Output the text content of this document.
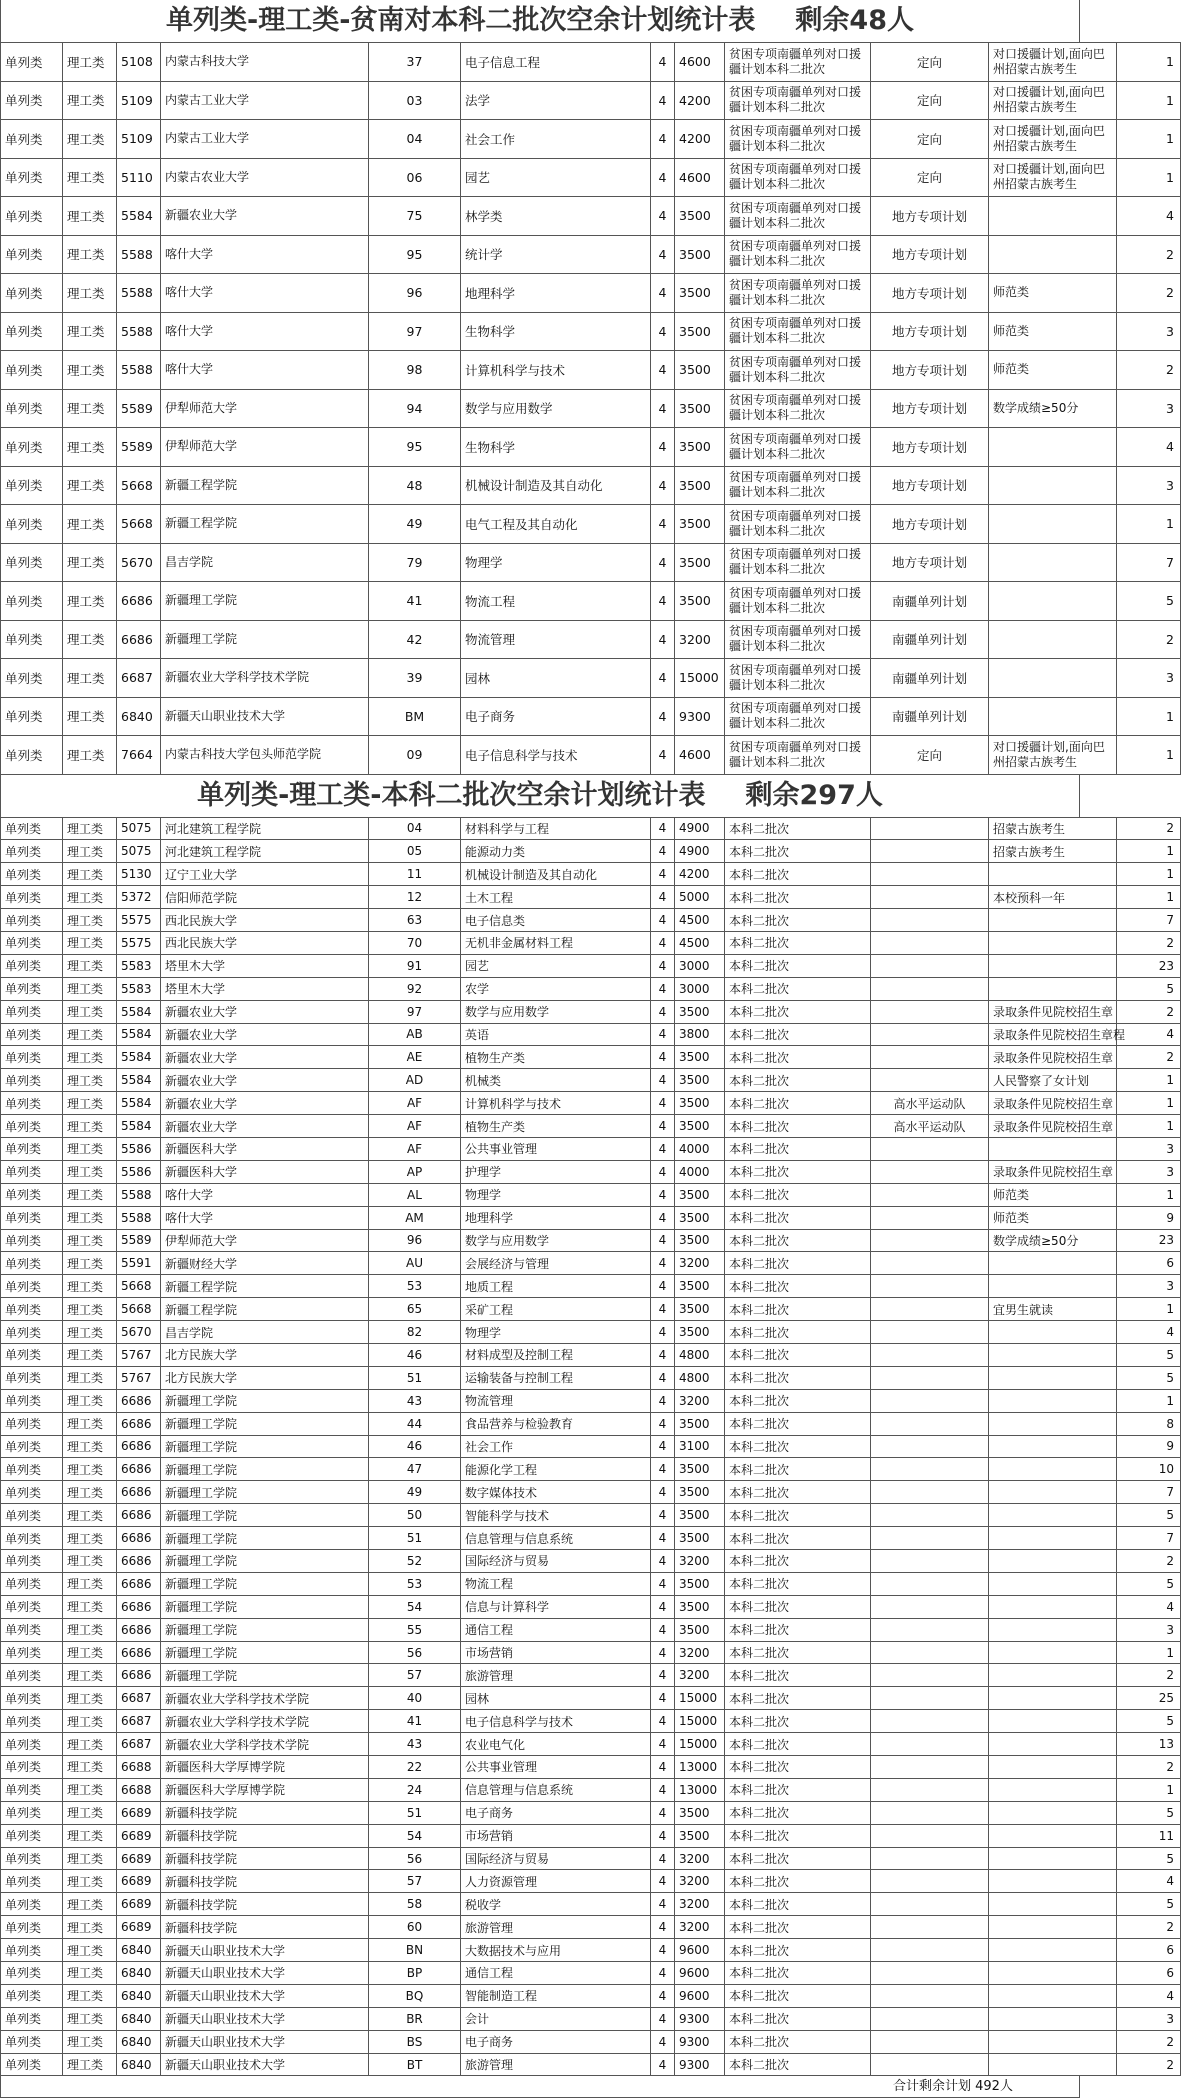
单列类-理工类-贫南对本科二批次空余计划统计表 剩余48人
单列类	理工类	5108	内蒙古科技大学	37	电子信息工程	4	4600	贫困专项南疆单列对口援疆计划本科二批次	定向	对口援疆计划,面向巴州招蒙古族考生	1
单列类	理工类	5109	内蒙古工业大学	03	法学	4	4200	贫困专项南疆单列对口援疆计划本科二批次	定向	对口援疆计划,面向巴州招蒙古族考生	1
单列类	理工类	5109	内蒙古工业大学	04	社会工作	4	4200	贫困专项南疆单列对口援疆计划本科二批次	定向	对口援疆计划,面向巴州招蒙古族考生	1
单列类	理工类	5110	内蒙古农业大学	06	园艺	4	4600	贫困专项南疆单列对口援疆计划本科二批次	定向	对口援疆计划,面向巴州招蒙古族考生	1
单列类	理工类	5584	新疆农业大学	75	林学类	4	3500	贫困专项南疆单列对口援疆计划本科二批次	地方专项计划		4
单列类	理工类	5588	喀什大学	95	统计学	4	3500	贫困专项南疆单列对口援疆计划本科二批次	地方专项计划		2
单列类	理工类	5588	喀什大学	96	地理科学	4	3500	贫困专项南疆单列对口援疆计划本科二批次	地方专项计划	师范类	2
单列类	理工类	5588	喀什大学	97	生物科学	4	3500	贫困专项南疆单列对口援疆计划本科二批次	地方专项计划	师范类	3
单列类	理工类	5588	喀什大学	98	计算机科学与技术	4	3500	贫困专项南疆单列对口援疆计划本科二批次	地方专项计划	师范类	2
单列类	理工类	5589	伊犁师范大学	94	数学与应用数学	4	3500	贫困专项南疆单列对口援疆计划本科二批次	地方专项计划	数学成绩≥50分	3
单列类	理工类	5589	伊犁师范大学	95	生物科学	4	3500	贫困专项南疆单列对口援疆计划本科二批次	地方专项计划		4
单列类	理工类	5668	新疆工程学院	48	机械设计制造及其自动化	4	3500	贫困专项南疆单列对口援疆计划本科二批次	地方专项计划		3
单列类	理工类	5668	新疆工程学院	49	电气工程及其自动化	4	3500	贫困专项南疆单列对口援疆计划本科二批次	地方专项计划		1
单列类	理工类	5670	昌吉学院	79	物理学	4	3500	贫困专项南疆单列对口援疆计划本科二批次	地方专项计划		7
单列类	理工类	6686	新疆理工学院	41	物流工程	4	3500	贫困专项南疆单列对口援疆计划本科二批次	南疆单列计划		5
单列类	理工类	6686	新疆理工学院	42	物流管理	4	3200	贫困专项南疆单列对口援疆计划本科二批次	南疆单列计划		2
单列类	理工类	6687	新疆农业大学科学技术学院	39	园林	4	15000	贫困专项南疆单列对口援疆计划本科二批次	南疆单列计划		3
单列类	理工类	6840	新疆天山职业技术大学	BM	电子商务	4	9300	贫困专项南疆单列对口援疆计划本科二批次	南疆单列计划		1
单列类	理工类	7664	内蒙古科技大学包头师范学院	09	电子信息科学与技术	4	4600	贫困专项南疆单列对口援疆计划本科二批次	定向	对口援疆计划,面向巴州招蒙古族考生	1
单列类-理工类-本科二批次空余计划统计表 剩余297人
单列类	理工类	5075	河北建筑工程学院	04	材料科学与工程	4	4900	本科二批次		招蒙古族考生	2
单列类	理工类	5075	河北建筑工程学院	05	能源动力类	4	4900	本科二批次		招蒙古族考生	1
单列类	理工类	5130	辽宁工业大学	11	机械设计制造及其自动化	4	4200	本科二批次			1
单列类	理工类	5372	信阳师范学院	12	土木工程	4	5000	本科二批次		本校预科一年	1
单列类	理工类	5575	西北民族大学	63	电子信息类	4	4500	本科二批次			7
单列类	理工类	5575	西北民族大学	70	无机非金属材料工程	4	4500	本科二批次			2
单列类	理工类	5583	塔里木大学	91	园艺	4	3000	本科二批次			23
单列类	理工类	5583	塔里木大学	92	农学	4	3000	本科二批次			5
单列类	理工类	5584	新疆农业大学	97	数学与应用数学	4	3500	本科二批次		录取条件见院校招生章	2
单列类	理工类	5584	新疆农业大学	AB	英语	4	3800	本科二批次		录取条件见院校招生章程	4
单列类	理工类	5584	新疆农业大学	AE	植物生产类	4	3500	本科二批次		录取条件见院校招生章	2
单列类	理工类	5584	新疆农业大学	AD	机械类	4	3500	本科二批次		人民警察了女计划	1
单列类	理工类	5584	新疆农业大学	AF	计算机科学与技术	4	3500	本科二批次	高水平运动队	录取条件见院校招生章	1
单列类	理工类	5584	新疆农业大学	AF	植物生产类	4	3500	本科二批次	高水平运动队	录取条件见院校招生章	1
单列类	理工类	5586	新疆医科大学	AF	公共事业管理	4	4000	本科二批次			3
单列类	理工类	5586	新疆医科大学	AP	护理学	4	4000	本科二批次		录取条件见院校招生章	3
单列类	理工类	5588	喀什大学	AL	物理学	4	3500	本科二批次		师范类	1
单列类	理工类	5588	喀什大学	AM	地理科学	4	3500	本科二批次		师范类	9
单列类	理工类	5589	伊犁师范大学	96	数学与应用数学	4	3500	本科二批次		数学成绩≥50分	23
单列类	理工类	5591	新疆财经大学	AU	会展经济与管理	4	3200	本科二批次			6
单列类	理工类	5668	新疆工程学院	53	地质工程	4	3500	本科二批次			3
单列类	理工类	5668	新疆工程学院	65	采矿工程	4	3500	本科二批次		宜男生就读	1
单列类	理工类	5670	昌吉学院	82	物理学	4	3500	本科二批次			4
单列类	理工类	5767	北方民族大学	46	材料成型及控制工程	4	4800	本科二批次			5
单列类	理工类	5767	北方民族大学	51	运输装备与控制工程	4	4800	本科二批次			5
单列类	理工类	6686	新疆理工学院	43	物流管理	4	3200	本科二批次			1
单列类	理工类	6686	新疆理工学院	44	食品营养与检验教育	4	3500	本科二批次			8
单列类	理工类	6686	新疆理工学院	46	社会工作	4	3100	本科二批次			9
单列类	理工类	6686	新疆理工学院	47	能源化学工程	4	3500	本科二批次			10
单列类	理工类	6686	新疆理工学院	49	数字媒体技术	4	3500	本科二批次			7
单列类	理工类	6686	新疆理工学院	50	智能科学与技术	4	3500	本科二批次			5
单列类	理工类	6686	新疆理工学院	51	信息管理与信息系统	4	3500	本科二批次			7
单列类	理工类	6686	新疆理工学院	52	国际经济与贸易	4	3200	本科二批次			2
单列类	理工类	6686	新疆理工学院	53	物流工程	4	3500	本科二批次			5
单列类	理工类	6686	新疆理工学院	54	信息与计算科学	4	3500	本科二批次			4
单列类	理工类	6686	新疆理工学院	55	通信工程	4	3500	本科二批次			3
单列类	理工类	6686	新疆理工学院	56	市场营销	4	3200	本科二批次			1
单列类	理工类	6686	新疆理工学院	57	旅游管理	4	3200	本科二批次			2
单列类	理工类	6687	新疆农业大学科学技术学院	40	园林	4	15000	本科二批次			25
单列类	理工类	6687	新疆农业大学科学技术学院	41	电子信息科学与技术	4	15000	本科二批次			5
单列类	理工类	6687	新疆农业大学科学技术学院	43	农业电气化	4	15000	本科二批次			13
单列类	理工类	6688	新疆医科大学厚博学院	22	公共事业管理	4	13000	本科二批次			2
单列类	理工类	6688	新疆医科大学厚博学院	24	信息管理与信息系统	4	13000	本科二批次			1
单列类	理工类	6689	新疆科技学院	51	电子商务	4	3500	本科二批次			5
单列类	理工类	6689	新疆科技学院	54	市场营销	4	3500	本科二批次			11
单列类	理工类	6689	新疆科技学院	56	国际经济与贸易	4	3200	本科二批次			5
单列类	理工类	6689	新疆科技学院	57	人力资源管理	4	3200	本科二批次			4
单列类	理工类	6689	新疆科技学院	58	税收学	4	3200	本科二批次			5
单列类	理工类	6689	新疆科技学院	60	旅游管理	4	3200	本科二批次			2
单列类	理工类	6840	新疆天山职业技术大学	BN	大数据技术与应用	4	9600	本科二批次			6
单列类	理工类	6840	新疆天山职业技术大学	BP	通信工程	4	9600	本科二批次			6
单列类	理工类	6840	新疆天山职业技术大学	BQ	智能制造工程	4	9600	本科二批次			4
单列类	理工类	6840	新疆天山职业技术大学	BR	会计	4	9300	本科二批次			3
单列类	理工类	6840	新疆天山职业技术大学	BS	电子商务	4	9300	本科二批次			2
单列类	理工类	6840	新疆天山职业技术大学	BT	旅游管理	4	9300	本科二批次			2
合计剩余计划 492人
